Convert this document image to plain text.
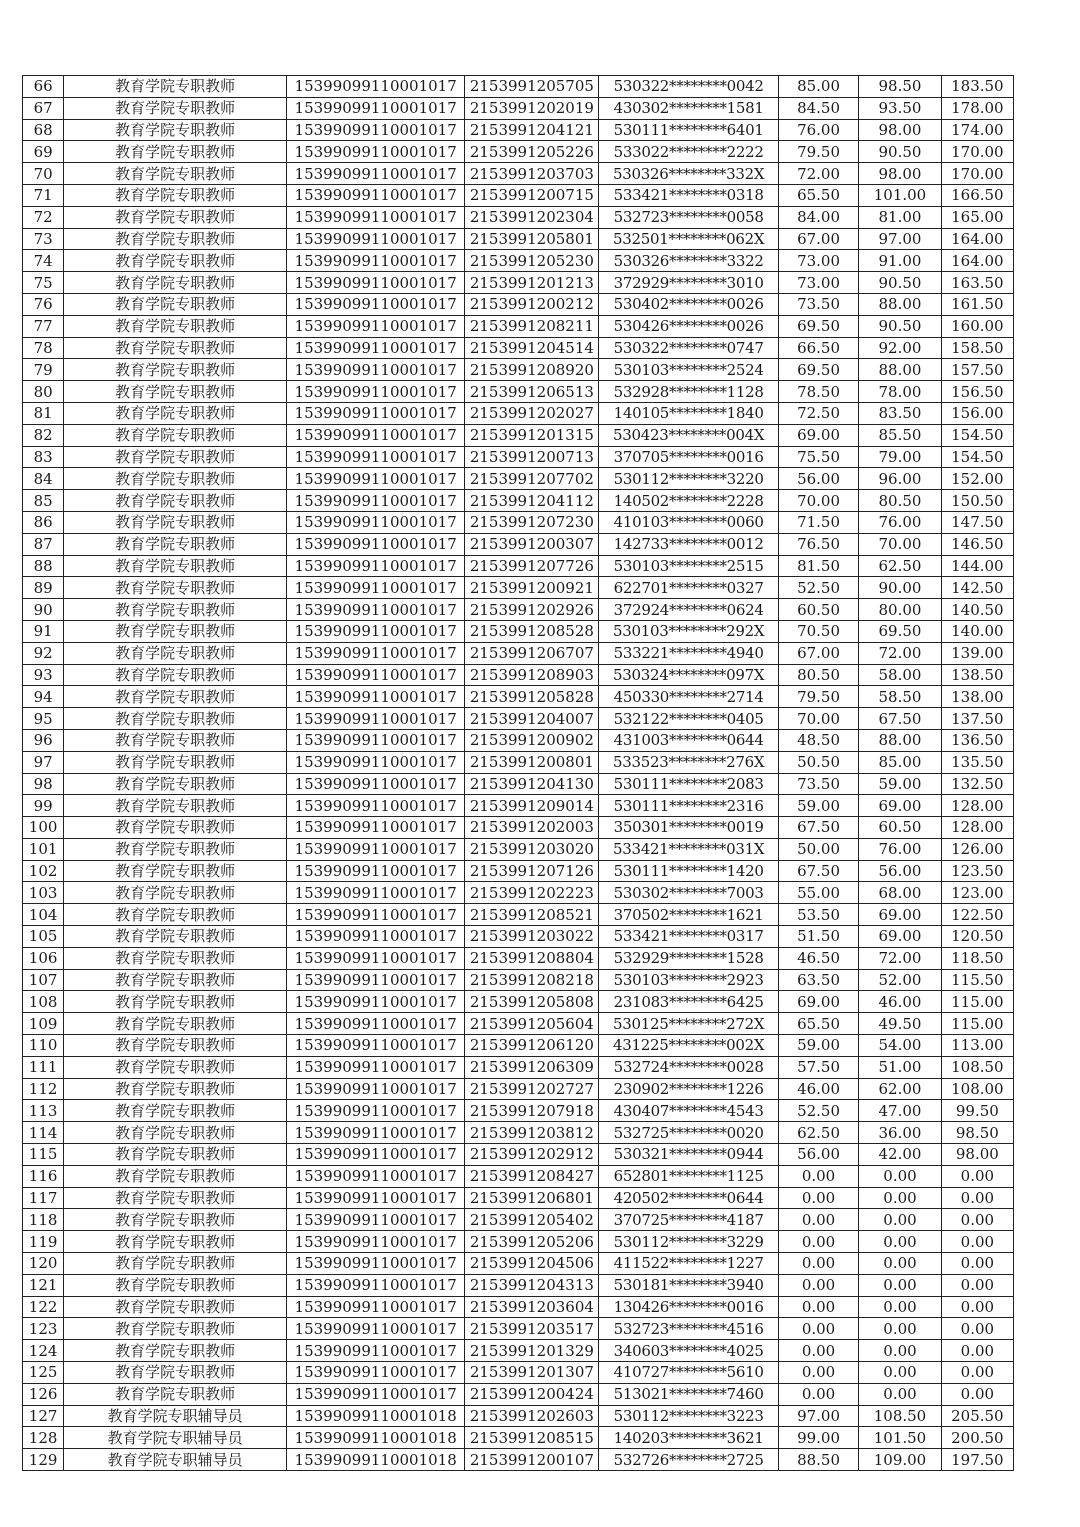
66	教育学院专职教师	15399099110001017	2153991205705	530322********0042	85.00	98.50	183.50
67	教育学院专职教师	15399099110001017	2153991202019	430302********1581	84.50	93.50	178.00
68	教育学院专职教师	15399099110001017	2153991204121	530111********6401	76.00	98.00	174.00
69	教育学院专职教师	15399099110001017	2153991205226	533022********2222	79.50	90.50	170.00
70	教育学院专职教师	15399099110001017	2153991203703	530326********332X	72.00	98.00	170.00
71	教育学院专职教师	15399099110001017	2153991200715	533421********0318	65.50	101.00	166.50
72	教育学院专职教师	15399099110001017	2153991202304	532723********0058	84.00	81.00	165.00
73	教育学院专职教师	15399099110001017	2153991205801	532501********062X	67.00	97.00	164.00
74	教育学院专职教师	15399099110001017	2153991205230	530326********3322	73.00	91.00	164.00
75	教育学院专职教师	15399099110001017	2153991201213	372929********3010	73.00	90.50	163.50
76	教育学院专职教师	15399099110001017	2153991200212	530402********0026	73.50	88.00	161.50
77	教育学院专职教师	15399099110001017	2153991208211	530426********0026	69.50	90.50	160.00
78	教育学院专职教师	15399099110001017	2153991204514	530322********0747	66.50	92.00	158.50
79	教育学院专职教师	15399099110001017	2153991208920	530103********2524	69.50	88.00	157.50
80	教育学院专职教师	15399099110001017	2153991206513	532928********1128	78.50	78.00	156.50
81	教育学院专职教师	15399099110001017	2153991202027	140105********1840	72.50	83.50	156.00
82	教育学院专职教师	15399099110001017	2153991201315	530423********004X	69.00	85.50	154.50
83	教育学院专职教师	15399099110001017	2153991200713	370705********0016	75.50	79.00	154.50
84	教育学院专职教师	15399099110001017	2153991207702	530112********3220	56.00	96.00	152.00
85	教育学院专职教师	15399099110001017	2153991204112	140502********2228	70.00	80.50	150.50
86	教育学院专职教师	15399099110001017	2153991207230	410103********0060	71.50	76.00	147.50
87	教育学院专职教师	15399099110001017	2153991200307	142733********0012	76.50	70.00	146.50
88	教育学院专职教师	15399099110001017	2153991207726	530103********2515	81.50	62.50	144.00
89	教育学院专职教师	15399099110001017	2153991200921	622701********0327	52.50	90.00	142.50
90	教育学院专职教师	15399099110001017	2153991202926	372924********0624	60.50	80.00	140.50
91	教育学院专职教师	15399099110001017	2153991208528	530103********292X	70.50	69.50	140.00
92	教育学院专职教师	15399099110001017	2153991206707	533221********4940	67.00	72.00	139.00
93	教育学院专职教师	15399099110001017	2153991208903	530324********097X	80.50	58.00	138.50
94	教育学院专职教师	15399099110001017	2153991205828	450330********2714	79.50	58.50	138.00
95	教育学院专职教师	15399099110001017	2153991204007	532122********0405	70.00	67.50	137.50
96	教育学院专职教师	15399099110001017	2153991200902	431003********0644	48.50	88.00	136.50
97	教育学院专职教师	15399099110001017	2153991200801	533523********276X	50.50	85.00	135.50
98	教育学院专职教师	15399099110001017	2153991204130	530111********2083	73.50	59.00	132.50
99	教育学院专职教师	15399099110001017	2153991209014	530111********2316	59.00	69.00	128.00
100	教育学院专职教师	15399099110001017	2153991202003	350301********0019	67.50	60.50	128.00
101	教育学院专职教师	15399099110001017	2153991203020	533421********031X	50.00	76.00	126.00
102	教育学院专职教师	15399099110001017	2153991207126	530111********1420	67.50	56.00	123.50
103	教育学院专职教师	15399099110001017	2153991202223	530302********7003	55.00	68.00	123.00
104	教育学院专职教师	15399099110001017	2153991208521	370502********1621	53.50	69.00	122.50
105	教育学院专职教师	15399099110001017	2153991203022	533421********0317	51.50	69.00	120.50
106	教育学院专职教师	15399099110001017	2153991208804	532929********1528	46.50	72.00	118.50
107	教育学院专职教师	15399099110001017	2153991208218	530103********2923	63.50	52.00	115.50
108	教育学院专职教师	15399099110001017	2153991205808	231083********6425	69.00	46.00	115.00
109	教育学院专职教师	15399099110001017	2153991205604	530125********272X	65.50	49.50	115.00
110	教育学院专职教师	15399099110001017	2153991206120	431225********002X	59.00	54.00	113.00
111	教育学院专职教师	15399099110001017	2153991206309	532724********0028	57.50	51.00	108.50
112	教育学院专职教师	15399099110001017	2153991202727	230902********1226	46.00	62.00	108.00
113	教育学院专职教师	15399099110001017	2153991207918	430407********4543	52.50	47.00	99.50
114	教育学院专职教师	15399099110001017	2153991203812	532725********0020	62.50	36.00	98.50
115	教育学院专职教师	15399099110001017	2153991202912	530321********0944	56.00	42.00	98.00
116	教育学院专职教师	15399099110001017	2153991208427	652801********1125	0.00	0.00	0.00
117	教育学院专职教师	15399099110001017	2153991206801	420502********0644	0.00	0.00	0.00
118	教育学院专职教师	15399099110001017	2153991205402	370725********4187	0.00	0.00	0.00
119	教育学院专职教师	15399099110001017	2153991205206	530112********3229	0.00	0.00	0.00
120	教育学院专职教师	15399099110001017	2153991204506	411522********1227	0.00	0.00	0.00
121	教育学院专职教师	15399099110001017	2153991204313	530181********3940	0.00	0.00	0.00
122	教育学院专职教师	15399099110001017	2153991203604	130426********0016	0.00	0.00	0.00
123	教育学院专职教师	15399099110001017	2153991203517	532723********4516	0.00	0.00	0.00
124	教育学院专职教师	15399099110001017	2153991201329	340603********4025	0.00	0.00	0.00
125	教育学院专职教师	15399099110001017	2153991201307	410727********5610	0.00	0.00	0.00
126	教育学院专职教师	15399099110001017	2153991200424	513021********7460	0.00	0.00	0.00
127	教育学院专职辅导员	15399099110001018	2153991202603	530112********3223	97.00	108.50	205.50
128	教育学院专职辅导员	15399099110001018	2153991208515	140203********3621	99.00	101.50	200.50
129	教育学院专职辅导员	15399099110001018	2153991200107	532726********2725	88.50	109.00	197.50
